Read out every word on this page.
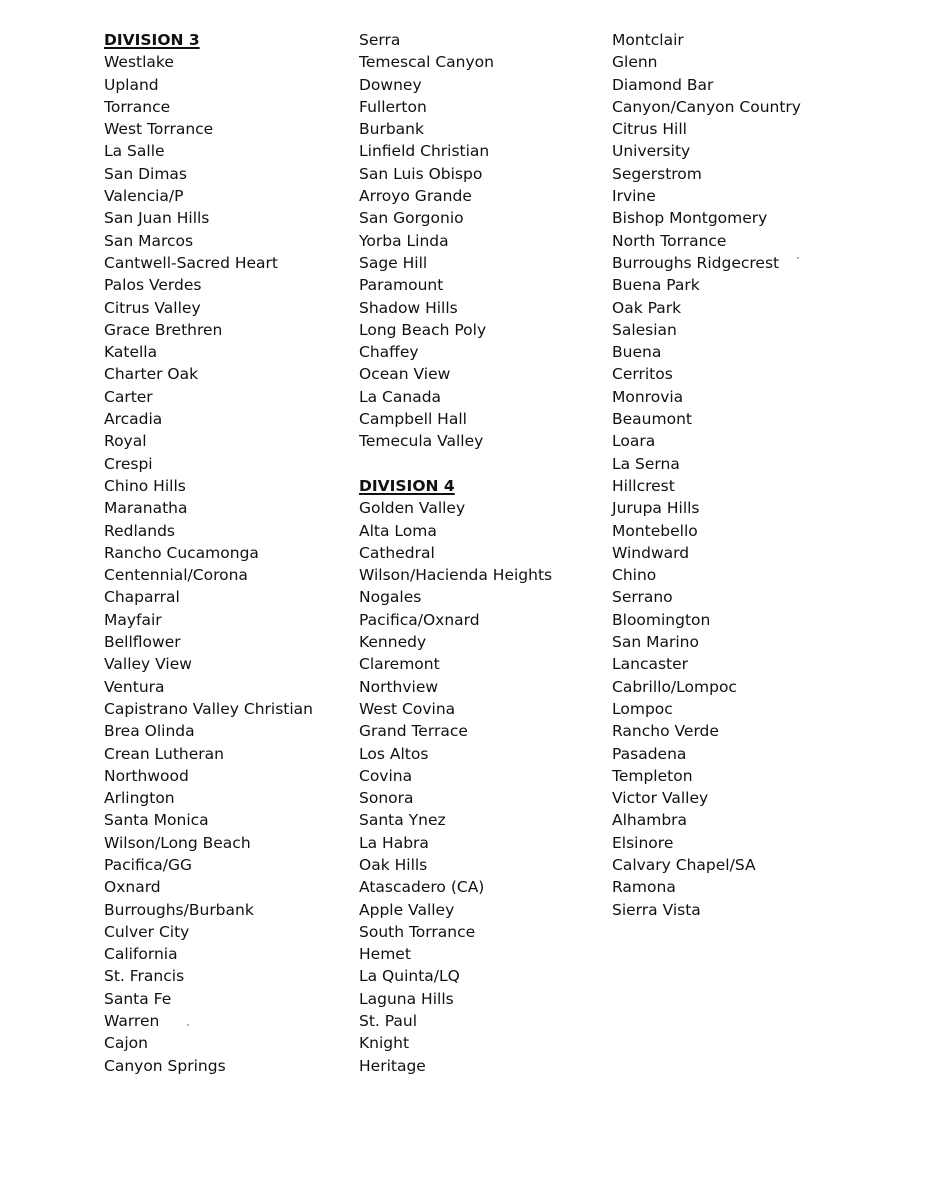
DIVISION 3
Westlake
Upland
Torrance
West Torrance
La Salle
San Dimas
Valencia/P
San Juan Hills
San Marcos
Cantwell-Sacred Heart
Palos Verdes
Citrus Valley
Grace Brethren
Katella
Charter Oak
Carter
Arcadia
Royal
Crespi
Chino Hills
Maranatha
Redlands
Rancho Cucamonga
Centennial/Corona
Chaparral
Mayfair
Bellflower
Valley View
Ventura
Capistrano Valley Christian
Brea Olinda
Crean Lutheran
Northwood
Arlington
Santa Monica
Wilson/Long Beach
Pacifica/GG
Oxnard
Burroughs/Burbank
Culver City
California
St. Francis
Santa Fe
Warren
Cajon
Canyon Springs
Serra
Temescal Canyon
Downey
Fullerton
Burbank
Linfield Christian
San Luis Obispo
Arroyo Grande
San Gorgonio
Yorba Linda
Sage Hill
Paramount
Shadow Hills
Long Beach Poly
Chaffey
Ocean View
La Canada
Campbell Hall
Temecula Valley
DIVISION 4
Golden Valley
Alta Loma
Cathedral
Wilson/Hacienda Heights
Nogales
Pacifica/Oxnard
Kennedy
Claremont
Northview
West Covina
Grand Terrace
Los Altos
Covina
Sonora
Santa Ynez
La Habra
Oak Hills
Atascadero (CA)
Apple Valley
South Torrance
Hemet
La Quinta/LQ
Laguna Hills
St. Paul
Knight
Heritage
Montclair
Glenn
Diamond Bar
Canyon/Canyon Country
Citrus Hill
University
Segerstrom
Irvine
Bishop Montgomery
North Torrance
Burroughs Ridgecrest
Buena Park
Oak Park
Salesian
Buena
Cerritos
Monrovia
Beaumont
Loara
La Serna
Hillcrest
Jurupa Hills
Montebello
Windward
Chino
Serrano
Bloomington
San Marino
Lancaster
Cabrillo/Lompoc
Lompoc
Rancho Verde
Pasadena
Templeton
Victor Valley
Alhambra
Elsinore
Calvary Chapel/SA
Ramona
Sierra Vista
